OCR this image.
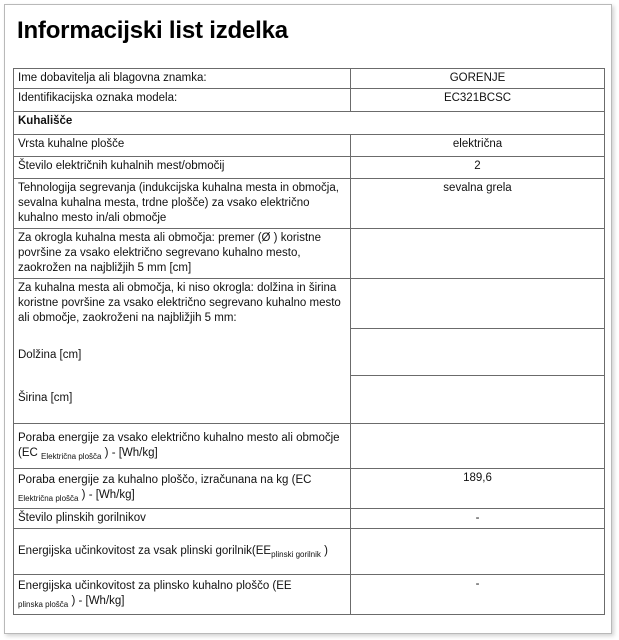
Informacijski list izdelka
Ime dobavitelja ali blagovna znamka:	GORENJE
Identifikacijska oznaka modela:	EC321BCSC
Kuhališče	
Vrsta kuhalne plošče	električna
Število električnih kuhalnih mest/območij	2
Tehnologija segrevanja (indukcijska kuhalna mesta in območja, sevalna kuhalna mesta, trdne plošče) za vsako električno kuhalno mesto in/ali območje	sevalna grela
Za okrogla kuhalna mesta ali območja: premer (Ø ) koristne površine za vsako električno segrevano kuhalno mesto, zaokrožen na najbližjih 5 mm [cm]	
Za kuhalna mesta ali območja, ki niso okrogla: dolžina in širina koristne površine za vsako električno segrevano kuhalno mesto ali območje, zaokroženi na najbližjih 5 mm:	
Dolžina [cm]	
Širina [cm]	
Poraba energije za vsako električno kuhalno mesto ali območje
(EC $_{Električna plošča}$ ) - [Wh/kg]	
Poraba energije za kuhalno ploščo, izračunana na kg (EC
$_{Električna plošča}$ ) - [Wh/kg]	189,6
Število plinskih gorilnikov	-
Energijska učinkovitost za vsak plinski $gorilnik(EE_{plinski gorilnik}$ )	
Energijska učinkovitost za plinsko kuhalno ploščo (EE
$_{plinska plošča}$ ) - [Wh/kg]	-
